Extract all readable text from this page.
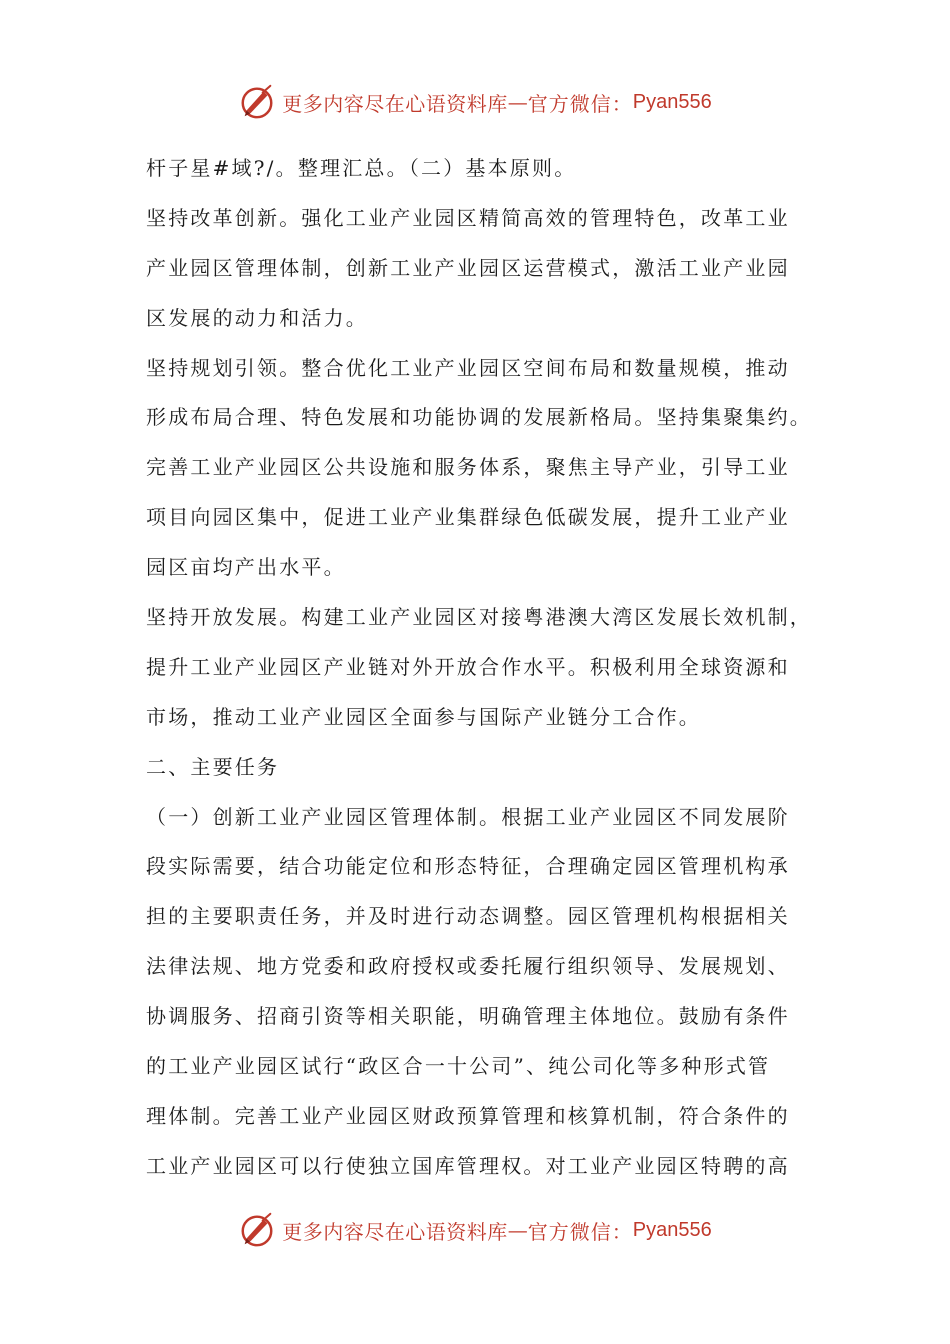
更多内容尽在心语资料库 — 官方微信： Pyan556
杆子星#域?/。整理汇总。（二）基本原则。
坚持改革创新。强化工业产业园区精简高效的管理特色，改革工业
产业园区管理体制，创新工业产业园区运营模式，激活工业产业园
区发展的动力和活力。
坚持规划引领。整合优化工业产业园区空间布局和数量规模，推动
形成布局合理、特色发展和功能协调的发展新格局。坚持集聚集约。
完善工业产业园区公共设施和服务体系，聚焦主导产业，引导工业
项目向园区集中，促进工业产业集群绿色低碳发展，提升工业产业
园区亩均产出水平。
坚持开放发展。构建工业产业园区对接粤港澳大湾区发展长效机制，
提升工业产业园区产业链对外开放合作水平。积极利用全球资源和
市场，推动工业产业园区全面参与国际产业链分工合作。
二、主要任务
（一）创新工业产业园区管理体制。根据工业产业园区不同发展阶
段实际需要，结合功能定位和形态特征，合理确定园区管理机构承
担的主要职责任务，并及时进行动态调整。园区管理机构根据相关
法律法规、地方党委和政府授权或委托履行组织领导、发展规划、
协调服务、招商引资等相关职能，明确管理主体地位。鼓励有条件
的工业产业园区试行“政区合一十公司”、纯公司化等多种形式管
理体制。完善工业产业园区财政预算管理和核算机制，符合条件的
工业产业园区可以行使独立国库管理权。对工业产业园区特聘的高
更多内容尽在心语资料库 — 官方微信： Pyan556
